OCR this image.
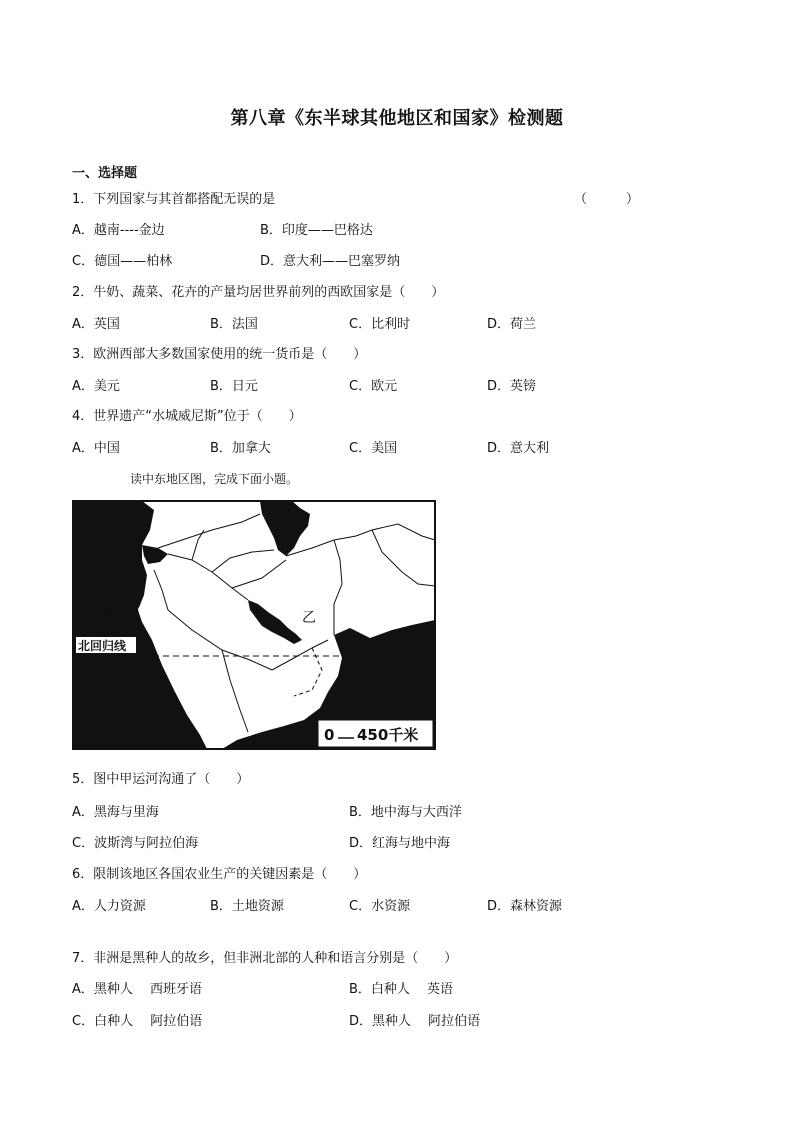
第八章《东半球其他地区和国家》检测题
一、选择题
1．下列国家与其首都搭配无误的是	（　　　）
A．越南----金边	B．印度——巴格达
C．德国——柏林	D．意大利——巴塞罗纳
2．牛奶、蔬菜、花卉的产量均居世界前列的西欧国家是（　　）
A．英国	B．法国	C．比利时	D．荷兰
3．欧洲西部大多数国家使用的统一货币是（　　）
A．美元	B．日元	C．欧元	D．英镑
4．世界遗产“水城威尼斯”位于（　　）
A．中国	B．加拿大	C．美国	D．意大利
读中东地区图，完成下面小题。
甲	乙
北回归线
0 450千米
5．图中甲运河沟通了（　　）
A．黑海与里海	B．地中海与大西洋
C．波斯湾与阿拉伯海	D．红海与地中海
6．限制该地区各国农业生产的关键因素是（　　）
A．人力资源	B．土地资源	C．水资源	D．森林资源
7．非洲是黑种人的故乡，但非洲北部的人种和语言分别是（　　）
A．黑种人　 西班牙语	B．白种人　 英语
C．白种人　 阿拉伯语	D．黑种人　 阿拉伯语
